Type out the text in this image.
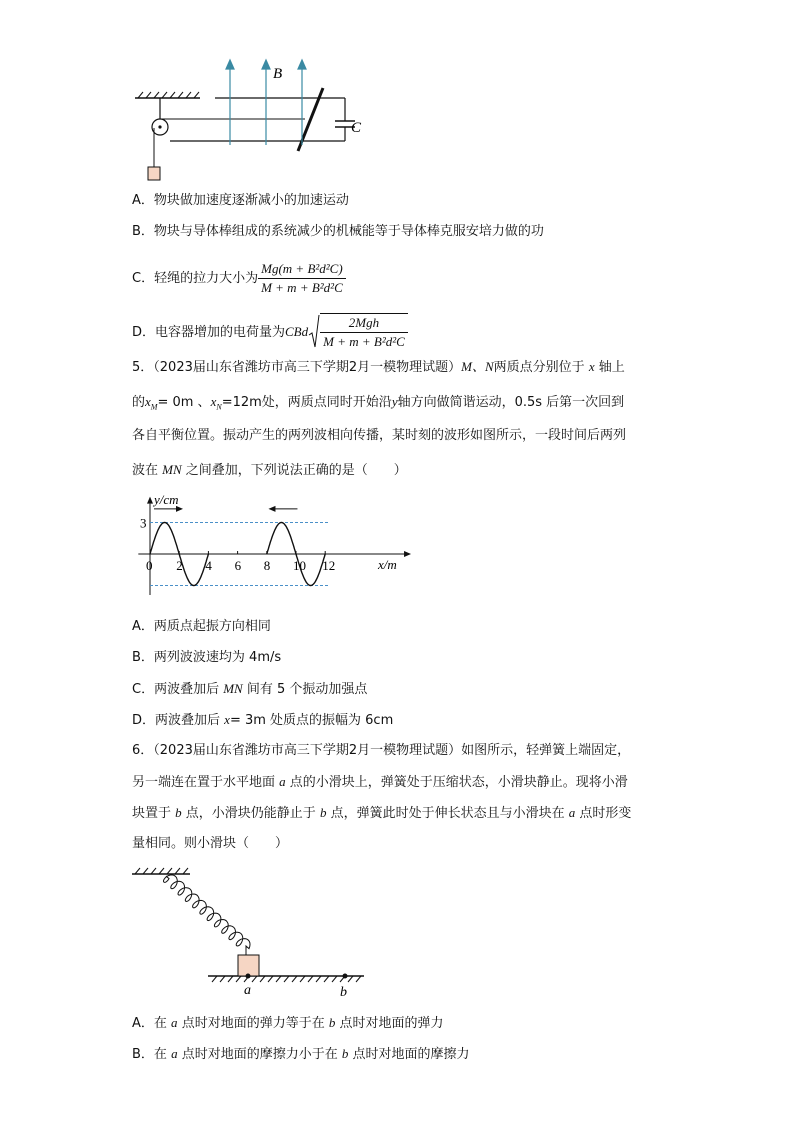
B
C
A．物块做加速度逐渐减小的加速运动
B．物块与导体棒组成的系统减少的机械能等于导体棒克服安培力做的功
C．轻绳的拉力大小为 $\frac{\text{Mg(m + B²d²C)}}{\text{M + m + B²d²C}}$
D．电容器增加的电荷量为CBd $\frac{\text{2Mgh}}{\text{M + m + B²d²C}}$
5．（2023届山东省潍坊市高三下学期2月一模物理试题）M、N两质点分别位于 x 轴上
的$x_M= 0m$ 、$x_N=12m$处，两质点同时开始沿y轴方向做简谐运动，0.5s 后第一次回到
各自平衡位置。振动产生的两列波相向传播，某时刻的波形如图所示，一段时间后两列
波在 MN 之间叠加，下列说法正确的是（　　）
0 2 4 6 8 10 12
3
x/m
y/cm
A．两质点起振方向相同
B．两列波波速均为 4m/s
C．两波叠加后 MN 间有 5 个振动加强点
D．两波叠加后 x= 3m 处质点的振幅为 6cm
6．（2023届山东省潍坊市高三下学期2月一模物理试题）如图所示，轻弹簧上端固定，
另一端连在置于水平地面 a 点的小滑块上，弹簧处于压缩状态，小滑块静止。现将小滑
块置于 b 点，小滑块仍能静止于 b 点，弹簧此时处于伸长状态且与小滑块在 a 点时形变
量相同。则小滑块（　　）
a	b
A．在 a 点时对地面的弹力等于在 b 点时对地面的弹力
B．在 a 点时对地面的摩擦力小于在 b 点时对地面的摩擦力
